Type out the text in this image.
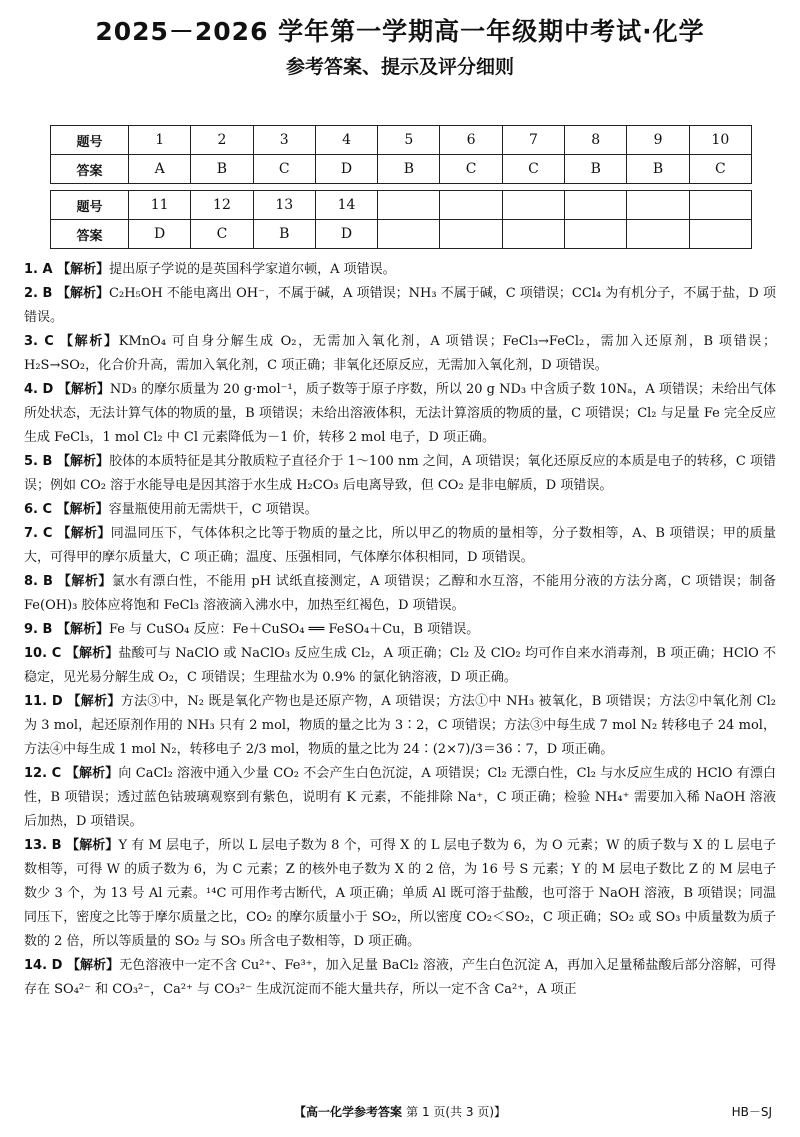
2025－2026 学年第一学期高一年级期中考试·化学
参考答案、提示及评分细则
题号	1	2	3	4	5	6	7	8	9	10
答案	A	B	C	D	B	C	C	B	B	C

题号	11	12	13	14						
答案	D	C	B	D						

1. A 【解析】提出原子学说的是英国科学家道尔顿，A 项错误。

2. B 【解析】C₂H₅OH 不能电离出 OH⁻，不属于碱，A 项错误；NH₃ 不属于碱，C 项错误；CCl₄ 为有机分子，不属于盐，D 项错误。

3. C 【解析】KMnO₄ 可自身分解生成 O₂，无需加入氧化剂，A 项错误；FeCl₃→FeCl₂，需加入还原剂，B 项错误；H₂S→SO₂，化合价升高，需加入氧化剂，C 项正确；非氧化还原反应，无需加入氧化剂，D 项错误。

4. D 【解析】ND₃ 的摩尔质量为 20 g·mol⁻¹，质子数等于原子序数，所以 20 g ND₃ 中含质子数 10Nₐ，A 项错误；未给出气体所处状态，无法计算气体的物质的量，B 项错误；未给出溶液体积，无法计算溶质的物质的量，C 项错误；Cl₂ 与足量 Fe 完全反应生成 FeCl₃，1 mol Cl₂ 中 Cl 元素降低为－1 价，转移 2 mol 电子，D 项正确。

5. B 【解析】胶体的本质特征是其分散质粒子直径介于 1～100 nm 之间，A 项错误；氧化还原反应的本质是电子的转移，C 项错误；例如 CO₂ 溶于水能导电是因其溶于水生成 H₂CO₃ 后电离导致，但 CO₂ 是非电解质，D 项错误。

6. C 【解析】容量瓶使用前无需烘干，C 项错误。

7. C 【解析】同温同压下，气体体积之比等于物质的量之比，所以甲乙的物质的量相等，分子数相等，A、B 项错误；甲的质量大，可得甲的摩尔质量大，C 项正确；温度、压强相同，气体摩尔体积相同，D 项错误。

8. B 【解析】氯水有漂白性，不能用 pH 试纸直接测定，A 项错误；乙醇和水互溶，不能用分液的方法分离，C 项错误；制备 Fe(OH)₃ 胶体应将饱和 FeCl₃ 溶液滴入沸水中，加热至红褐色，D 项错误。

9. B 【解析】Fe 与 CuSO₄ 反应：Fe＋CuSO₄ ══ FeSO₄＋Cu，B 项错误。

10. C 【解析】盐酸可与 NaClO 或 NaClO₃ 反应生成 Cl₂，A 项正确；Cl₂ 及 ClO₂ 均可作自来水消毒剂，B 项正确；HClO 不稳定，见光易分解生成 O₂，C 项错误；生理盐水为 0.9% 的氯化钠溶液，D 项正确。

11. D 【解析】方法③中，N₂ 既是氧化产物也是还原产物，A 项错误；方法①中 NH₃ 被氧化，B 项错误；方法②中氧化剂 Cl₂ 为 3 mol，起还原剂作用的 NH₃ 只有 2 mol，物质的量之比为 3∶2，C 项错误；方法③中每生成 7 mol N₂ 转移电子 24 mol，方法④中每生成 1 mol N₂，转移电子 2/3 mol，物质的量之比为 24∶(2×7)/3＝36∶7，D 项正确。

12. C 【解析】向 CaCl₂ 溶液中通入少量 CO₂ 不会产生白色沉淀，A 项错误；Cl₂ 无漂白性，Cl₂ 与水反应生成的 HClO 有漂白性，B 项错误；透过蓝色钴玻璃观察到有紫色，说明有 K 元素，不能排除 Na⁺，C 项正确；检验 NH₄⁺ 需要加入稀 NaOH 溶液后加热，D 项错误。

13. B 【解析】Y 有 M 层电子，所以 L 层电子数为 8 个，可得 X 的 L 层电子数为 6，为 O 元素；W 的质子数与 X 的 L 层电子数相等，可得 W 的质子数为 6，为 C 元素；Z 的核外电子数为 X 的 2 倍，为 16 号 S 元素；Y 的 M 层电子数比 Z 的 M 层电子数少 3 个，为 13 号 Al 元素。¹⁴C 可用作考古断代，A 项正确；单质 Al 既可溶于盐酸，也可溶于 NaOH 溶液，B 项错误；同温同压下，密度之比等于摩尔质量之比，CO₂ 的摩尔质量小于 SO₂，所以密度 CO₂＜SO₂，C 项正确；SO₂ 或 SO₃ 中质量数为质子数的 2 倍，所以等质量的 SO₂ 与 SO₃ 所含电子数相等，D 项正确。

14. D 【解析】无色溶液中一定不含 Cu²⁺、Fe³⁺，加入足量 BaCl₂ 溶液，产生白色沉淀 A，再加入足量稀盐酸后部分溶解，可得存在 SO₄²⁻ 和 CO₃²⁻，Ca²⁺ 与 CO₃²⁻ 生成沉淀而不能大量共存，所以一定不含 Ca²⁺，A 项正

【高一化学参考答案 第 1 页(共 3 页)】	HB－SJ
